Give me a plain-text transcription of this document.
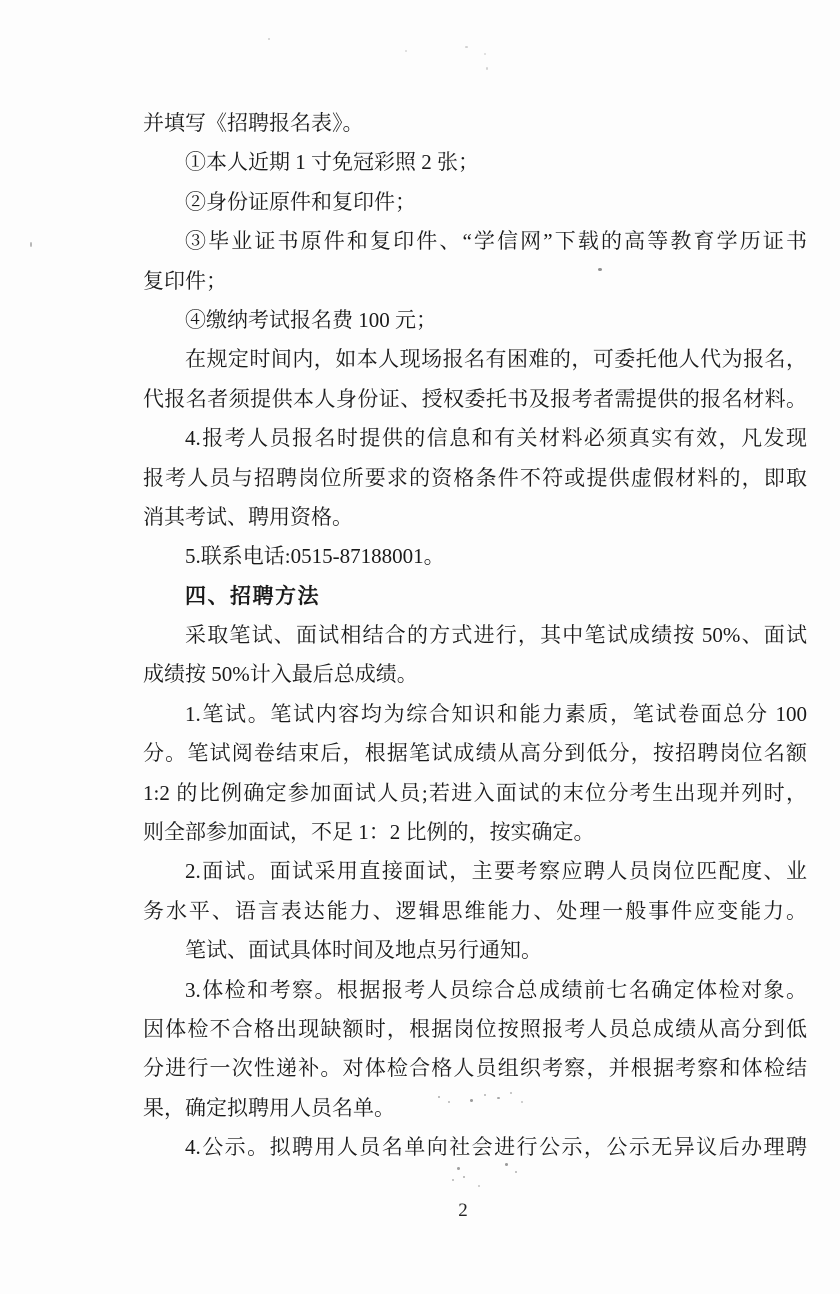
并填写《招聘报名表》。
①本人近期 1 寸免冠彩照 2 张；
②身份证原件和复印件；
③毕业证书原件和复印件、“学信网”下载的高等教育学历证书
复印件；
④缴纳考试报名费 100 元；
在规定时间内，如本人现场报名有困难的，可委托他人代为报名，
代报名者须提供本人身份证、授权委托书及报考者需提供的报名材料。
4.报考人员报名时提供的信息和有关材料必须真实有效，凡发现
报考人员与招聘岗位所要求的资格条件不符或提供虚假材料的，即取
消其考试、聘用资格。
5.联系电话:0515-87188001。
四、招聘方法
采取笔试、面试相结合的方式进行，其中笔试成绩按 50%、面试
成绩按 50%计入最后总成绩。
1.笔试。笔试内容均为综合知识和能力素质，笔试卷面总分 100
分。笔试阅卷结束后，根据笔试成绩从高分到低分，按招聘岗位名额
1:2 的比例确定参加面试人员;若进入面试的末位分考生出现并列时，
则全部参加面试，不足 1：2 比例的，按实确定。
2.面试。面试采用直接面试，主要考察应聘人员岗位匹配度、业
务水平、语言表达能力、逻辑思维能力、处理一般事件应变能力。
笔试、面试具体时间及地点另行通知。
3.体检和考察。根据报考人员综合总成绩前七名确定体检对象。
因体检不合格出现缺额时，根据岗位按照报考人员总成绩从高分到低
分进行一次性递补。对体检合格人员组织考察，并根据考察和体检结
果，确定拟聘用人员名单。
4.公示。拟聘用人员名单向社会进行公示，公示无异议后办理聘
2
